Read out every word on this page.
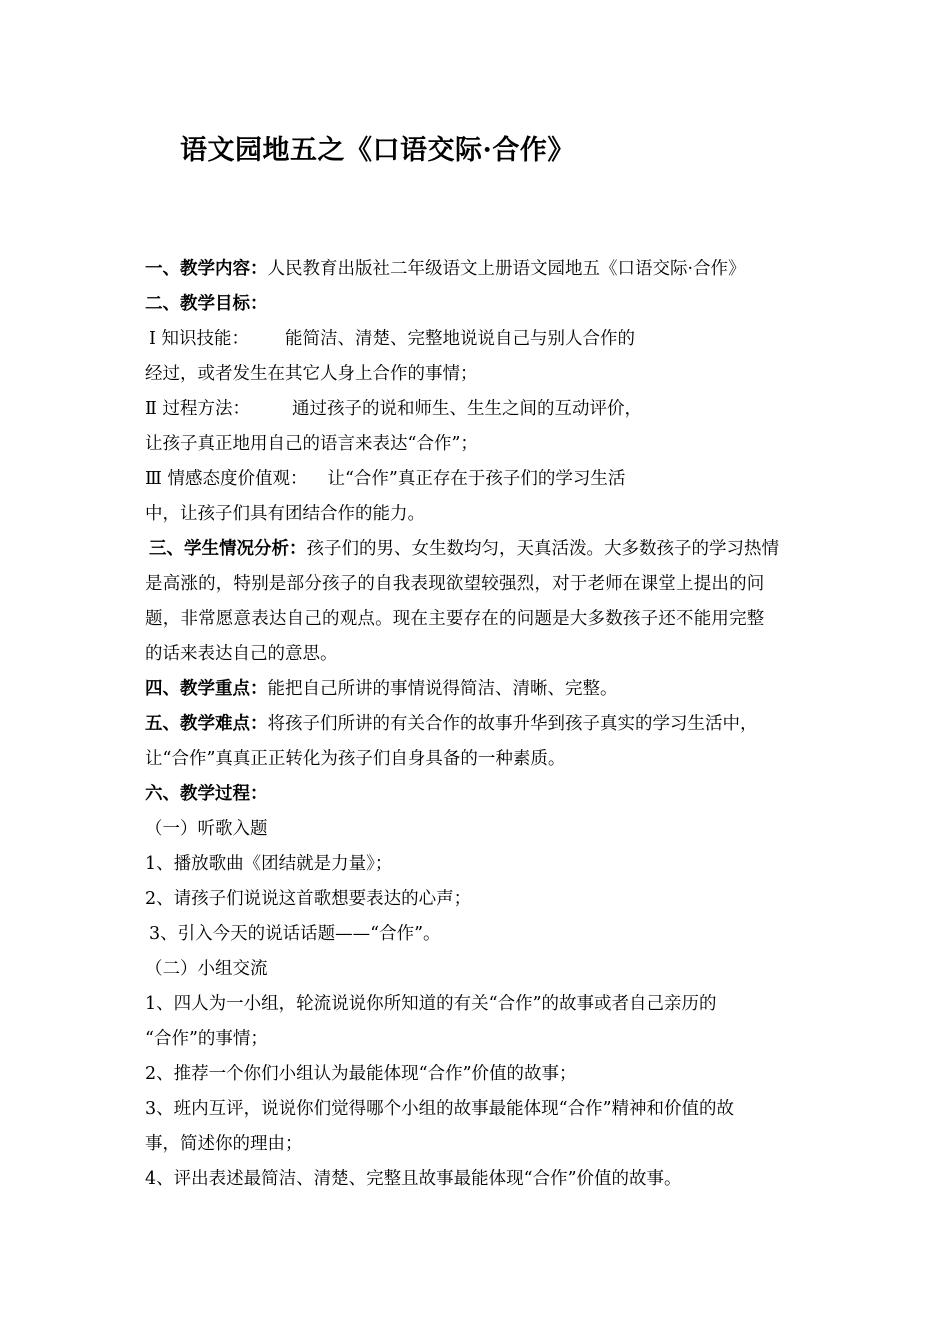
语文园地五之《口语交际·合作》
一、教学内容：人民教育出版社二年级语文上册语文园地五《口语交际·合作》
二、教学目标：
Ⅰ 知识技能： 能简洁、清楚、完整地说说自己与别人合作的
经过，或者发生在其它人身上合作的事情；
Ⅱ 过程方法： 通过孩子的说和师生、生生之间的互动评价，
让孩子真正地用自己的语言来表达“合作”；
Ⅲ 情感态度价值观： 让“合作”真正存在于孩子们的学习生活
中，让孩子们具有团结合作的能力。
三、学生情况分析：孩子们的男、女生数均匀，天真活泼。大多数孩子的学习热情
是高涨的，特别是部分孩子的自我表现欲望较强烈，对于老师在课堂上提出的问
题，非常愿意表达自己的观点。现在主要存在的问题是大多数孩子还不能用完整
的话来表达自己的意思。
四、教学重点：能把自己所讲的事情说得简洁、清晰、完整。
五、教学难点：将孩子们所讲的有关合作的故事升华到孩子真实的学习生活中，
让“合作”真真正正转化为孩子们自身具备的一种素质。
六、教学过程：
（一）听歌入题
1、播放歌曲《团结就是力量》；
2、请孩子们说说这首歌想要表达的心声；
3、引入今天的说话话题——“合作”。
（二）小组交流
1、四人为一小组，轮流说说你所知道的有关“合作”的故事或者自己亲历的
“合作”的事情；
2、推荐一个你们小组认为最能体现“合作”价值的故事；
3、班内互评，说说你们觉得哪个小组的故事最能体现“合作”精神和价值的故
事，简述你的理由；
4、评出表述最简洁、清楚、完整且故事最能体现“合作”价值的故事。
